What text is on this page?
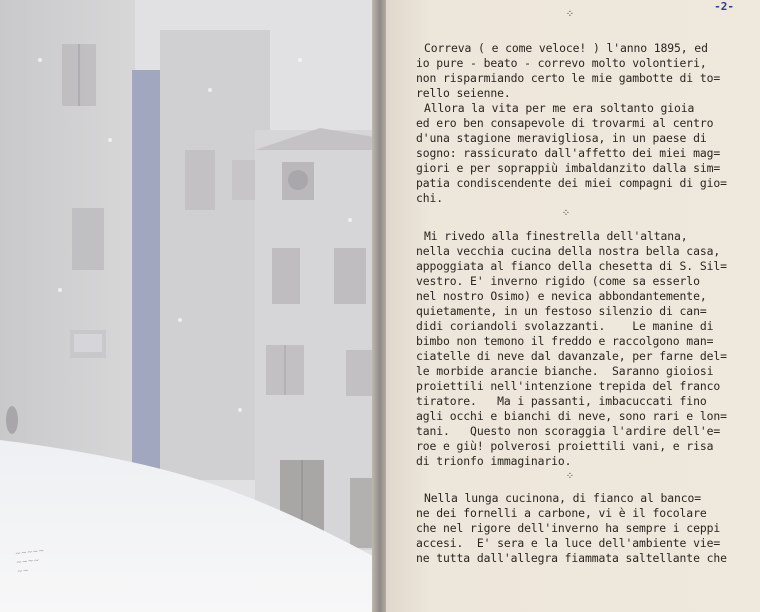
~~~~~
~~~~
~~
-2-
⁘
Correva ( e come veloce! ) l'anno 1895, ed
io pure - beato - correvo molto volontieri,
non risparmiando certo le mie gambotte di to=
rello seienne.
Allora la vita per me era soltanto gioia
ed ero ben consapevole di trovarmi al centro
d'una stagione meravigliosa, in un paese di
sogno: rassicurato dall'affetto dei miei mag=
giori e per soprappiù imbaldanzito dalla sim=
patia condiscendente dei miei compagni di gio=
chi.
⁘
Mi rivedo alla finestrella dell'altana,
nella vecchia cucina della nostra bella casa,
appoggiata al fianco della chesetta di S. Sil=
vestro. E' inverno rigido (come sa esserlo
nel nostro Osimo) e nevica abbondantemente,
quietamente, in un festoso silenzio di can=
didi coriandoli svolazzanti.    Le manine di
bimbo non temono il freddo e raccolgono man=
ciatelle di neve dal davanzale, per farne del=
le morbide arancie bianche.  Saranno gioiosi
proiettili nell'intenzione trepida del franco
tiratore.   Ma i passanti, imbacuccati fino
agli occhi e bianchi di neve, sono rari e lon=
tani.   Questo non scoraggia l'ardire dell'e=
roe e giù! polverosi proiettili vani, e risa
di trionfo immaginario.
⁘
Nella lunga cucinona, di fianco al banco=
ne dei fornelli a carbone, vi è il focolare
che nel rigore dell'inverno ha sempre i ceppi
accesi.  E' sera e la luce dell'ambiente vie=
ne tutta dall'allegra fiammata saltellante che
